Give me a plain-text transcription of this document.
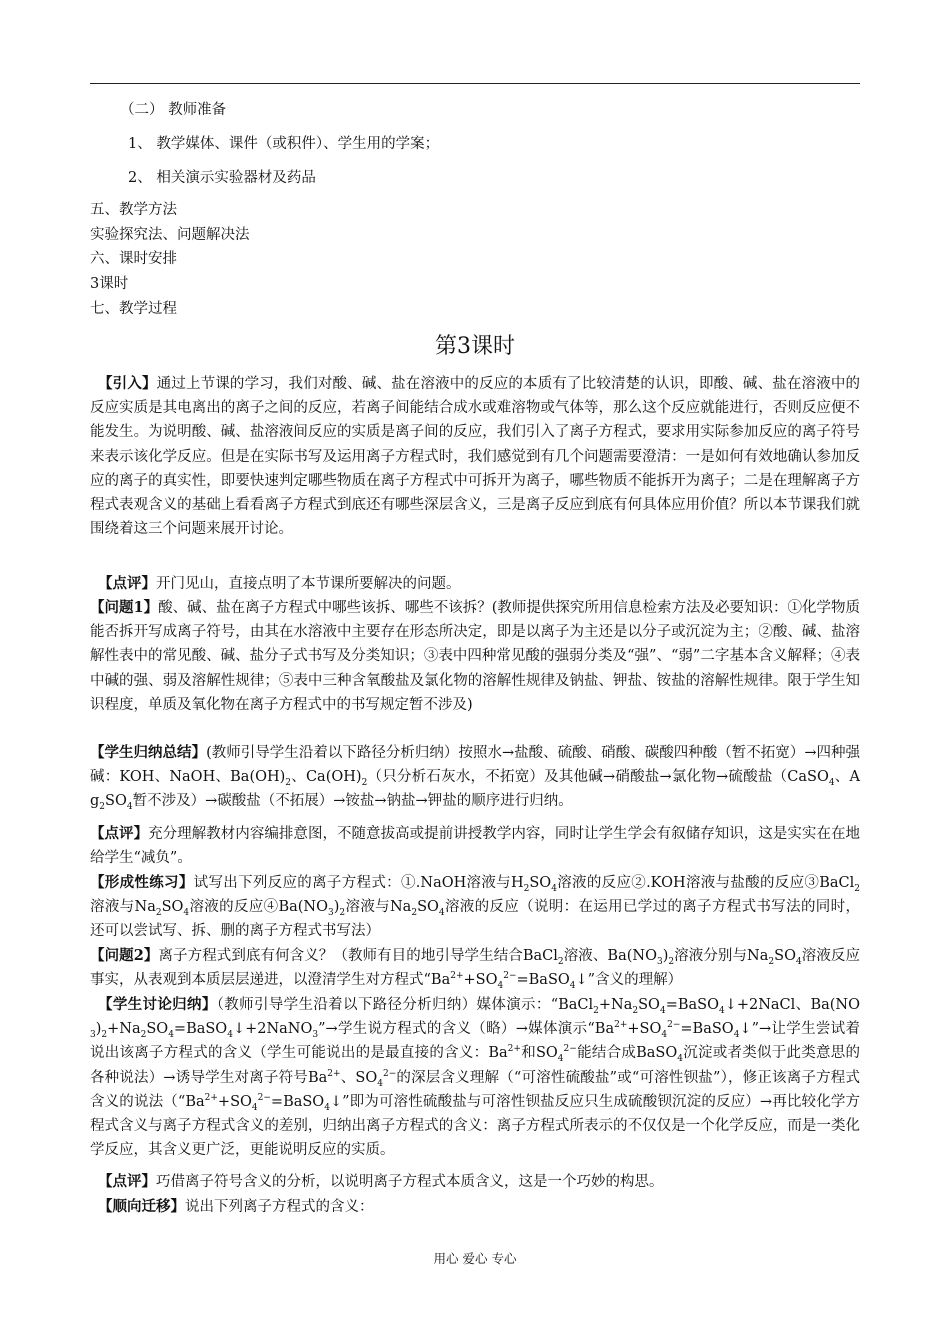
（二） 教师准备
1、 教学媒体、课件（或积件）、学生用的学案；
2、 相关演示实验器材及药品
五、教学方法
实验探究法、问题解决法
六、课时安排
3课时
七、教学过程
第3课时

【引入】通过上节课的学习，我们对酸、碱、盐在溶液中的反应的本质有了比较清楚的认识，即酸、碱、盐在溶液中的反应实质是其电离出的离子之间的反应，若离子间能结合成水或难溶物或气体等，那么这个反应就能进行，否则反应便不能发生。为说明酸、碱、盐溶液间反应的实质是离子间的反应，我们引入了离子方程式，要求用实际参加反应的离子符号来表示该化学反应。但是在实际书写及运用离子方程式时，我们感觉到有几个问题需要澄清：一是如何有效地确认参加反应的离子的真实性，即要快速判定哪些物质在离子方程式中可拆开为离子，哪些物质不能拆开为离子；二是在理解离子方程式表观含义的基础上看看离子方程式到底还有哪些深层含义，三是离子反应到底有何具体应用价值？所以本节课我们就围绕着这三个问题来展开讨论。

【点评】开门见山，直接点明了本节课所要解决的问题。

【问题1】酸、碱、盐在离子方程式中哪些该拆、哪些不该拆？(教师提供探究所用信息检索方法及必要知识：①化学物质能否拆开写成离子符号，由其在水溶液中主要存在形态所决定，即是以离子为主还是以分子或沉淀为主；②酸、碱、盐溶解性表中的常见酸、碱、盐分子式书写及分类知识；③表中四种常见酸的强弱分类及“强”、“弱”二字基本含义解释；④表中碱的强、弱及溶解性规律；⑤表中三种含氧酸盐及氯化物的溶解性规律及钠盐、钾盐、铵盐的溶解性规律。限于学生知识程度，单质及氧化物在离子方程式中的书写规定暂不涉及)

【学生归纳总结】(教师引导学生沿着以下路径分析归纳）按照水→盐酸、硫酸、硝酸、碳酸四种酸（暂不拓宽）→四种强碱：KOH、NaOH、$Ba(OH)_2$、$Ca(OH)_2$（只分析石灰水，不拓宽）及其他碱→硝酸盐→氯化物→硫酸盐（CaSO$_4$、$Ag_2SO_4$暂不涉及）→碳酸盐（不拓展）→铵盐→钠盐→钾盐的顺序进行归纳。

【点评】充分理解教材内容编排意图，不随意拔高或提前讲授教学内容，同时让学生学会有叙储存知识，这是实实在在地给学生“减负”。

【形成性练习】试写出下列反应的离子方程式：①.NaOH溶液与$H_2SO_4$溶液的反应②.KOH溶液与盐酸的反应③BaCl$_2$溶液与$Na_2SO_4$溶液的反应$④Ba(NO_3)_2$溶液与$Na_2SO_4$溶液的反应（说明：在运用已学过的离子方程式书写法的同时，还可以尝试写、拆、删的离子方程式书写法）

【问题2】离子方程式到底有何含义？（教师有目的地引导学生结合BaCl$_2$溶液、$Ba(NO_3)_2$溶液分别与$Na_2SO_4$溶液反应事实，从表观到本质层层递进，以澄清学生对方程式“$Ba^{2+}+SO_4^{2-}=BaSO_4↓$”含义的理解）

【学生讨论归纳】（教师引导学生沿着以下路径分析归纳）媒体演示：“$BaCl_2+Na_2SO_4=BaSO_4↓+2NaCl$、$Ba(NO_3)_2+Na_2SO_4=BaSO_4↓+2NaNO_3”\to$学生说方程式的含义（略）→媒体演示“$Ba^{2+}+SO_4^{2-}=BaSO_4↓”\to$让学生尝试着说出该离子方程式的含义（学生可能说出的是最直接的含义：$Ba^{2+}$和$SO_4^{2-}$能结合成BaSO$_4$沉淀或者类似于此类意思的各种说法）→诱导学生对离子符号$Ba^{2+}$、$SO_4^{2-}$的深层含义理解（“可溶性硫酸盐”或“可溶性钡盐”），修正该离子方程式含义的说法（“$Ba^{2+}+SO_4^{2-}=BaSO_4↓$”即为可溶性硫酸盐与可溶性钡盐反应只生成硫酸钡沉淀的反应）→再比较化学方程式含义与离子方程式含义的差别，归纳出离子方程式的含义：离子方程式所表示的不仅仅是一个化学反应，而是一类化学反应，其含义更广泛，更能说明反应的实质。

【点评】巧借离子符号含义的分析，以说明离子方程式本质含义，这是一个巧妙的构思。

【顺向迁移】说出下列离子方程式的含义：

用心 爱心 专心
